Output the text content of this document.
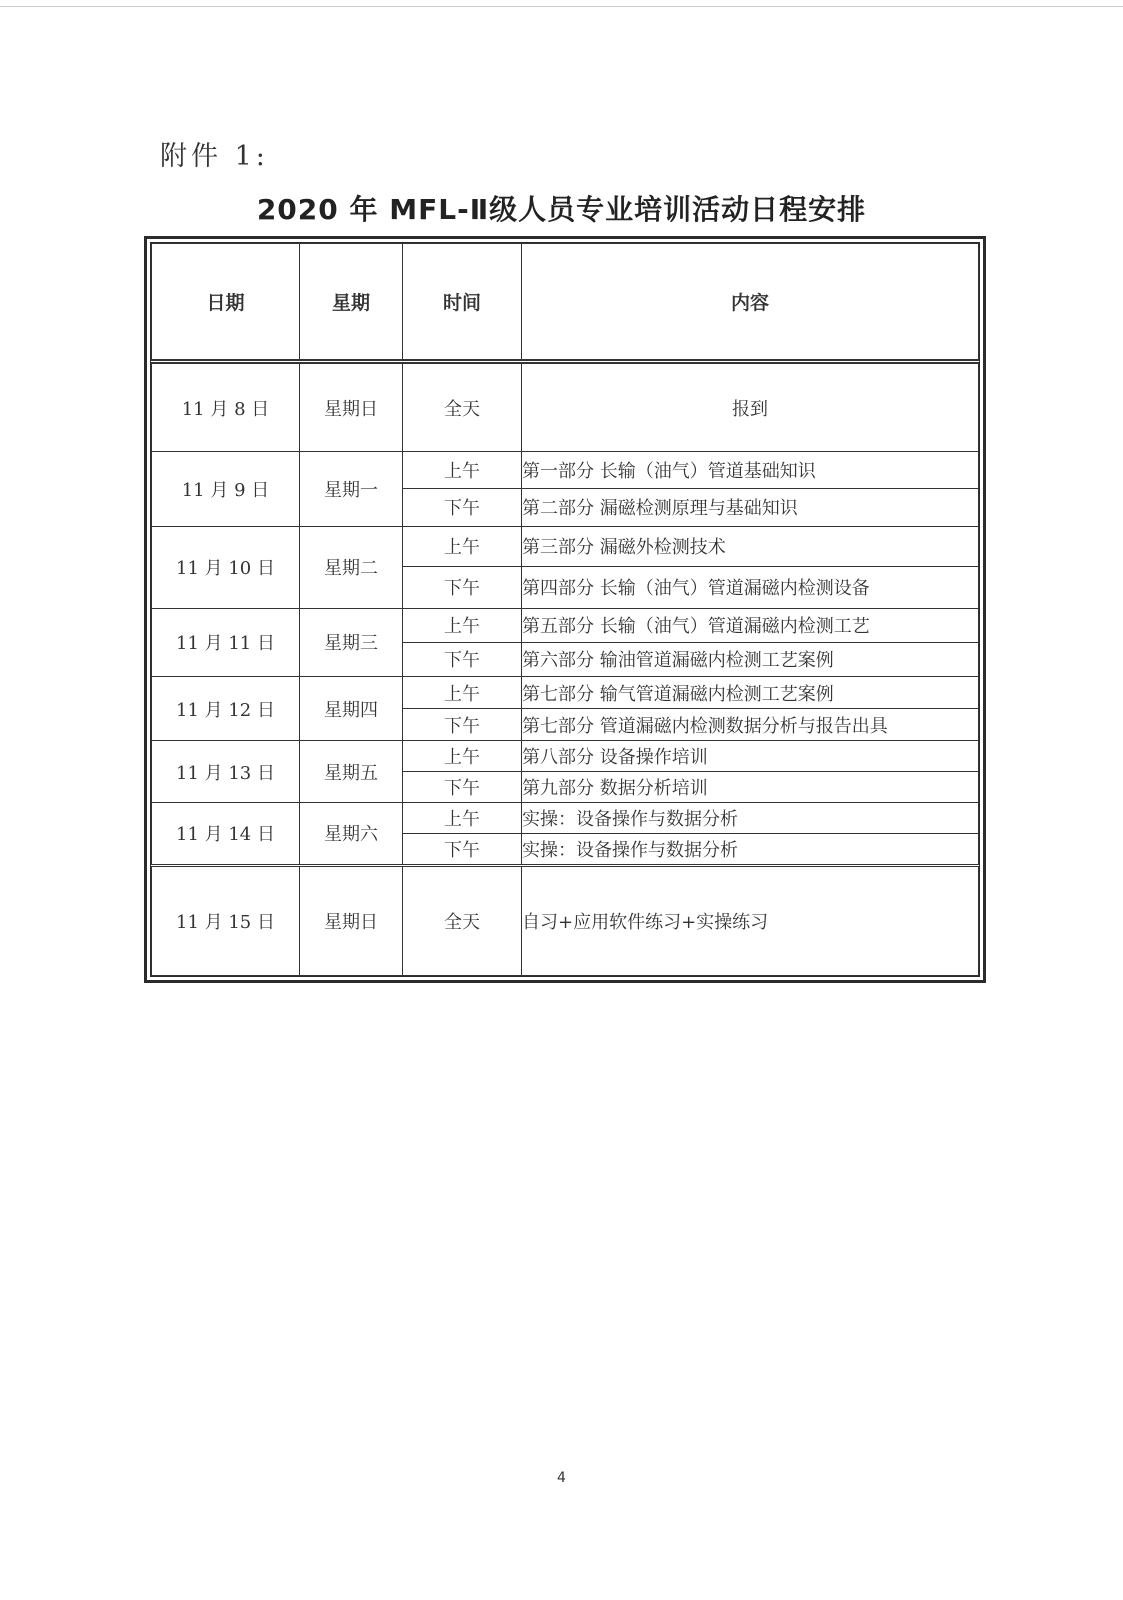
附件 1:
2020 年 MFL-Ⅱ级人员专业培训活动日程安排
日期	星期	时间	内容
11 月 8 日	星期日	全天	报到
11 月 9 日	星期一	上午	第一部分 长输（油气）管道基础知识
		下午	第二部分 漏磁检测原理与基础知识
11 月 10 日	星期二	上午	第三部分 漏磁外检测技术
		下午	第四部分 长输（油气）管道漏磁内检测设备
11 月 11 日	星期三	上午	第五部分 长输（油气）管道漏磁内检测工艺
		下午	第六部分 输油管道漏磁内检测工艺案例
11 月 12 日	星期四	上午	第七部分 输气管道漏磁内检测工艺案例
		下午	第七部分 管道漏磁内检测数据分析与报告出具
11 月 13 日	星期五	上午	第八部分 设备操作培训
		下午	第九部分 数据分析培训
11 月 14 日	星期六	上午	实操：设备操作与数据分析
		下午	实操：设备操作与数据分析
11 月 15 日	星期日	全天	自习+应用软件练习+实操练习
4
